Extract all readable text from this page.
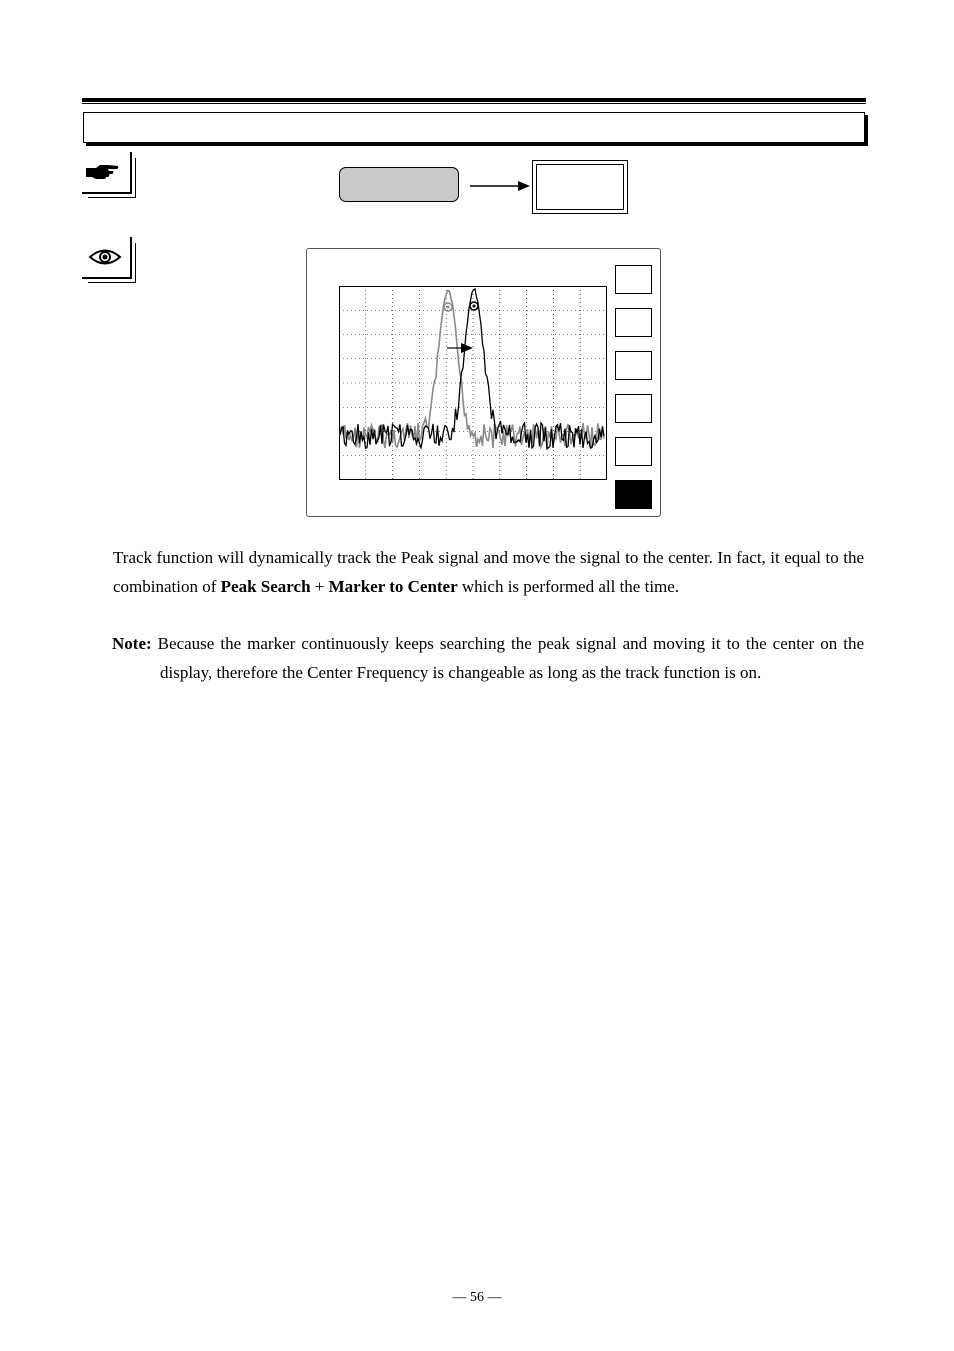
Track function will dynamically track the Peak signal and move the signal to the center. In fact, it equal to the combination of Peak Search + Marker to Center which is performed all the time.
Note: Because the marker continuously keeps searching the peak signal and moving it to the center on the display, therefore the Center Frequency is changeable as long as the track function is on.
— 56 —
